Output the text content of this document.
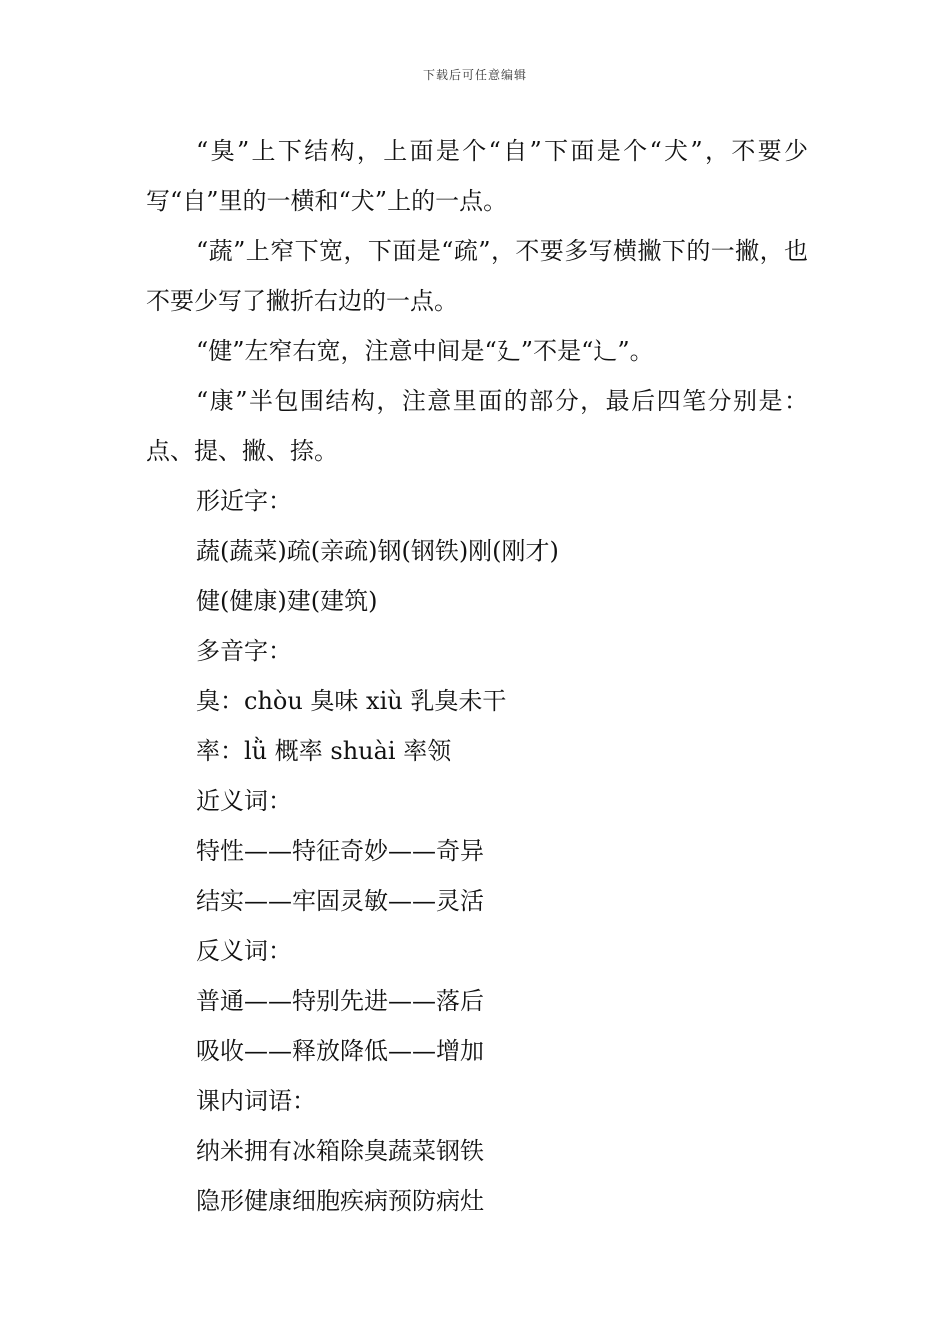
下载后可任意编辑

“臭”上下结构，上面是个“自”下面是个“犬”，不要少写“自”里的一横和“犬”上的一点。

“蔬”上窄下宽，下面是“疏”，不要多写横撇下的一撇，也不要少写了撇折右边的一点。

“健”左窄右宽，注意中间是“廴”不是“辶”。

“康”半包围结构，注意里面的部分，最后四笔分别是：点、提、撇、捺。

形近字：

蔬(蔬菜)疏(亲疏)钢(钢铁)刚(刚才)

健(健康)建(建筑)

多音字：

臭：chòu 臭味 xiù 乳臭未干

率：lǜ 概率 shuài 率领

近义词：

特性——特征奇妙——奇异

结实——牢固灵敏——灵活

反义词：

普通——特别先进——落后

吸收——释放降低——增加

课内词语：

纳米拥有冰箱除臭蔬菜钢铁

隐形健康细胞疾病预防病灶
